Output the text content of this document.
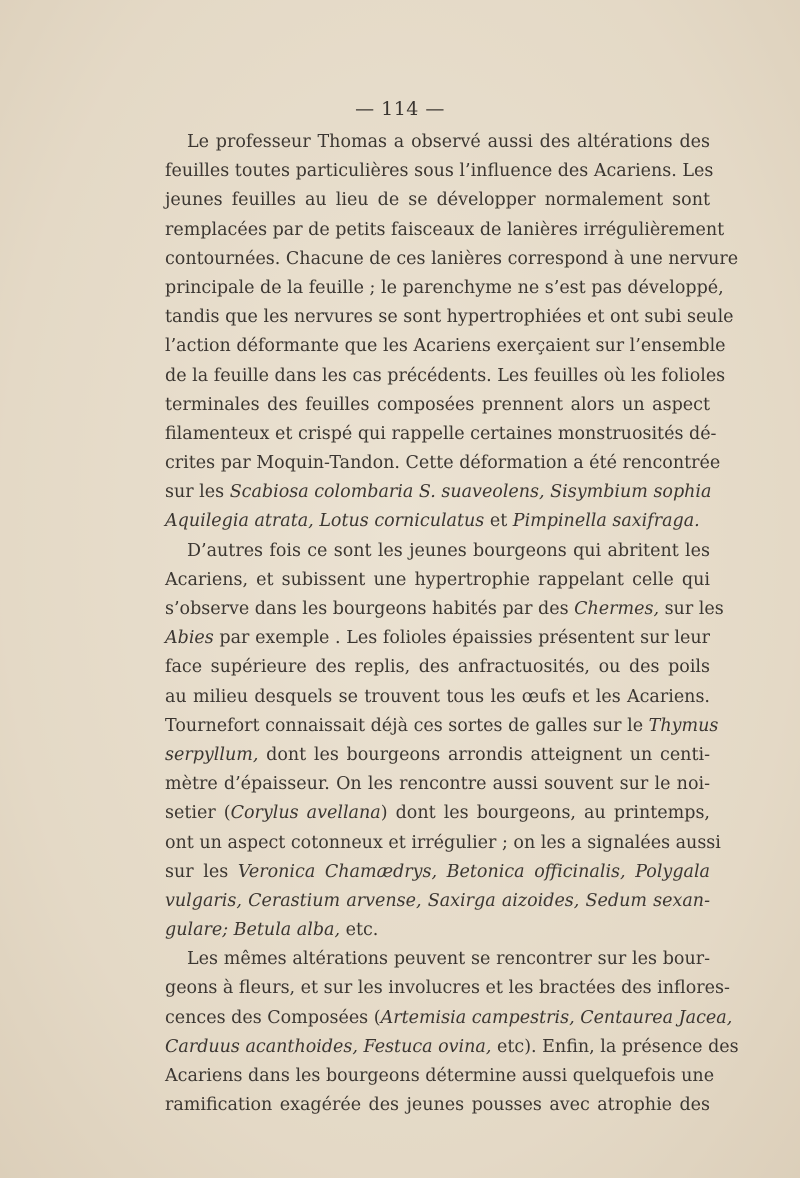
— 114 —
Le professeur Thomas a observé aussi des altérations des
feuilles toutes particulières sous l’influence des Acariens. Les
jeunes feuilles au lieu de se développer normalement sont
remplacées par de petits faisceaux de lanières irrégulièrement
contournées. Chacune de ces lanières correspond à une nervure
principale de la feuille ; le parenchyme ne s’est pas développé,
tandis que les nervures se sont hypertrophiées et ont subi seule
l’action déformante que les Acariens exerçaient sur l’ensemble
de la feuille dans les cas précédents. Les feuilles où les folioles
terminales des feuilles composées prennent alors un aspect
filamenteux et crispé qui rappelle certaines monstruosités dé-
crites par Moquin-Tandon. Cette déformation a été rencontrée
sur les Scabiosa colombaria S. suaveolens, Sisymbium sophia
Aquilegia atrata, Lotus corniculatus et Pimpinella saxifraga.
D’autres fois ce sont les jeunes bourgeons qui abritent les
Acariens, et subissent une hypertrophie rappelant celle qui
s’observe dans les bourgeons habités par des Chermes, sur les
Abies par exemple . Les folioles épaissies présentent sur leur
face supérieure des replis, des anfractuosités, ou des poils
au milieu desquels se trouvent tous les œufs et les Acariens.
Tournefort connaissait déjà ces sortes de galles sur le Thymus
serpyllum, dont les bourgeons arrondis atteignent un centi-
mètre d’épaisseur. On les rencontre aussi souvent sur le noi-
setier (Corylus avellana) dont les bourgeons, au printemps,
ont un aspect cotonneux et irrégulier ; on les a signalées aussi
sur les Veronica Chamædrys, Betonica officinalis, Polygala
vulgaris, Cerastium arvense, Saxirga aizoides, Sedum sexan-
gulare; Betula alba, etc.
Les mêmes altérations peuvent se rencontrer sur les bour-
geons à fleurs, et sur les involucres et les bractées des inflores-
cences des Composées (Artemisia campestris, Centaurea Jacea,
Carduus acanthoides, Festuca ovina, etc). Enfin, la présence des
Acariens dans les bourgeons détermine aussi quelquefois une
ramification exagérée des jeunes pousses avec atrophie des
